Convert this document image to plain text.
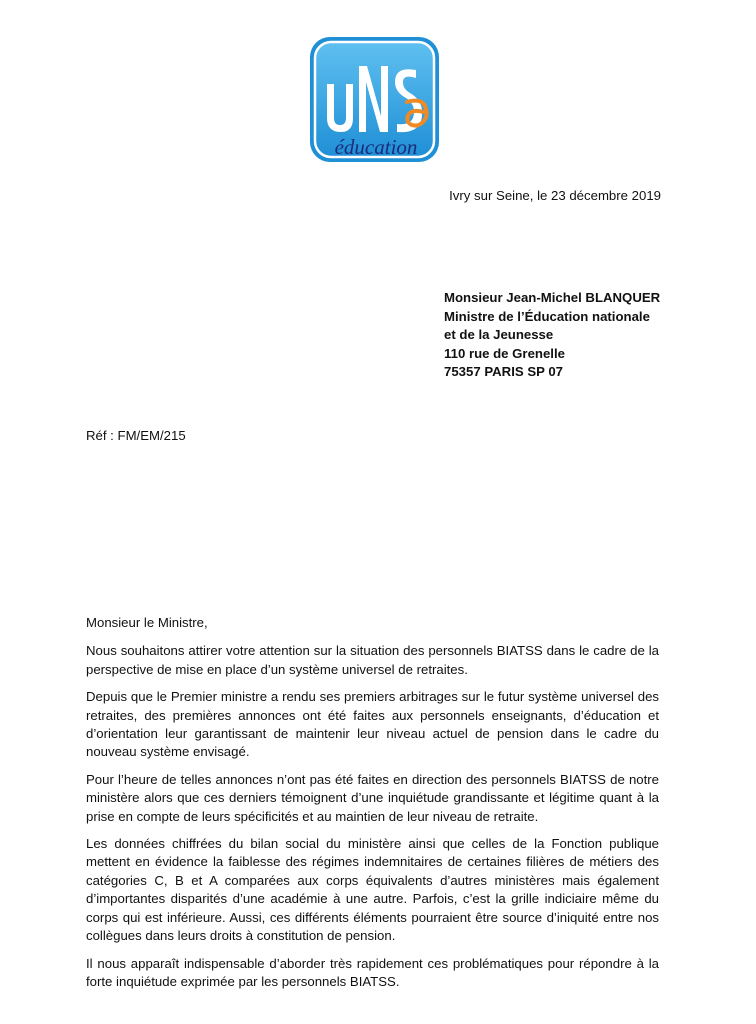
éducation
Ivry sur Seine, le 23 décembre 2019
Monsieur Jean-Michel BLANQUER
Ministre de l’Éducation nationale
et de la Jeunesse
110 rue de Grenelle
75357 PARIS SP 07
Réf : FM/EM/215

Monsieur le Ministre,

Nous souhaitons attirer votre attention sur la situation des personnels BIATSS dans le cadre de la perspective de mise en place d’un système universel de retraites.

Depuis que le Premier ministre a rendu ses premiers arbitrages sur le futur système universel des retraites, des premières annonces ont été faites aux personnels enseignants, d’éducation et d’orientation leur garantissant de maintenir leur niveau actuel de pension dans le cadre du nouveau système envisagé.

Pour l’heure de telles annonces n’ont pas été faites en direction des personnels BIATSS de notre ministère alors que ces derniers témoignent d’une inquiétude grandissante et légitime quant à la prise en compte de leurs spécificités et au maintien de leur niveau de retraite.

Les données chiffrées du bilan social du ministère ainsi que celles de la Fonction publique mettent en évidence la faiblesse des régimes indemnitaires de certaines filières de métiers des catégories C, B et A comparées aux corps équivalents d’autres ministères mais également d’importantes disparités d’une académie à une autre. Parfois, c’est la grille indiciaire même du corps qui est inférieure. Aussi, ces différents éléments pourraient être source d’iniquité entre nos collègues dans leurs droits à constitution de pension.

Il nous apparaît indispensable d’aborder très rapidement ces problématiques pour répondre à la forte inquiétude exprimée par les personnels BIATSS.
